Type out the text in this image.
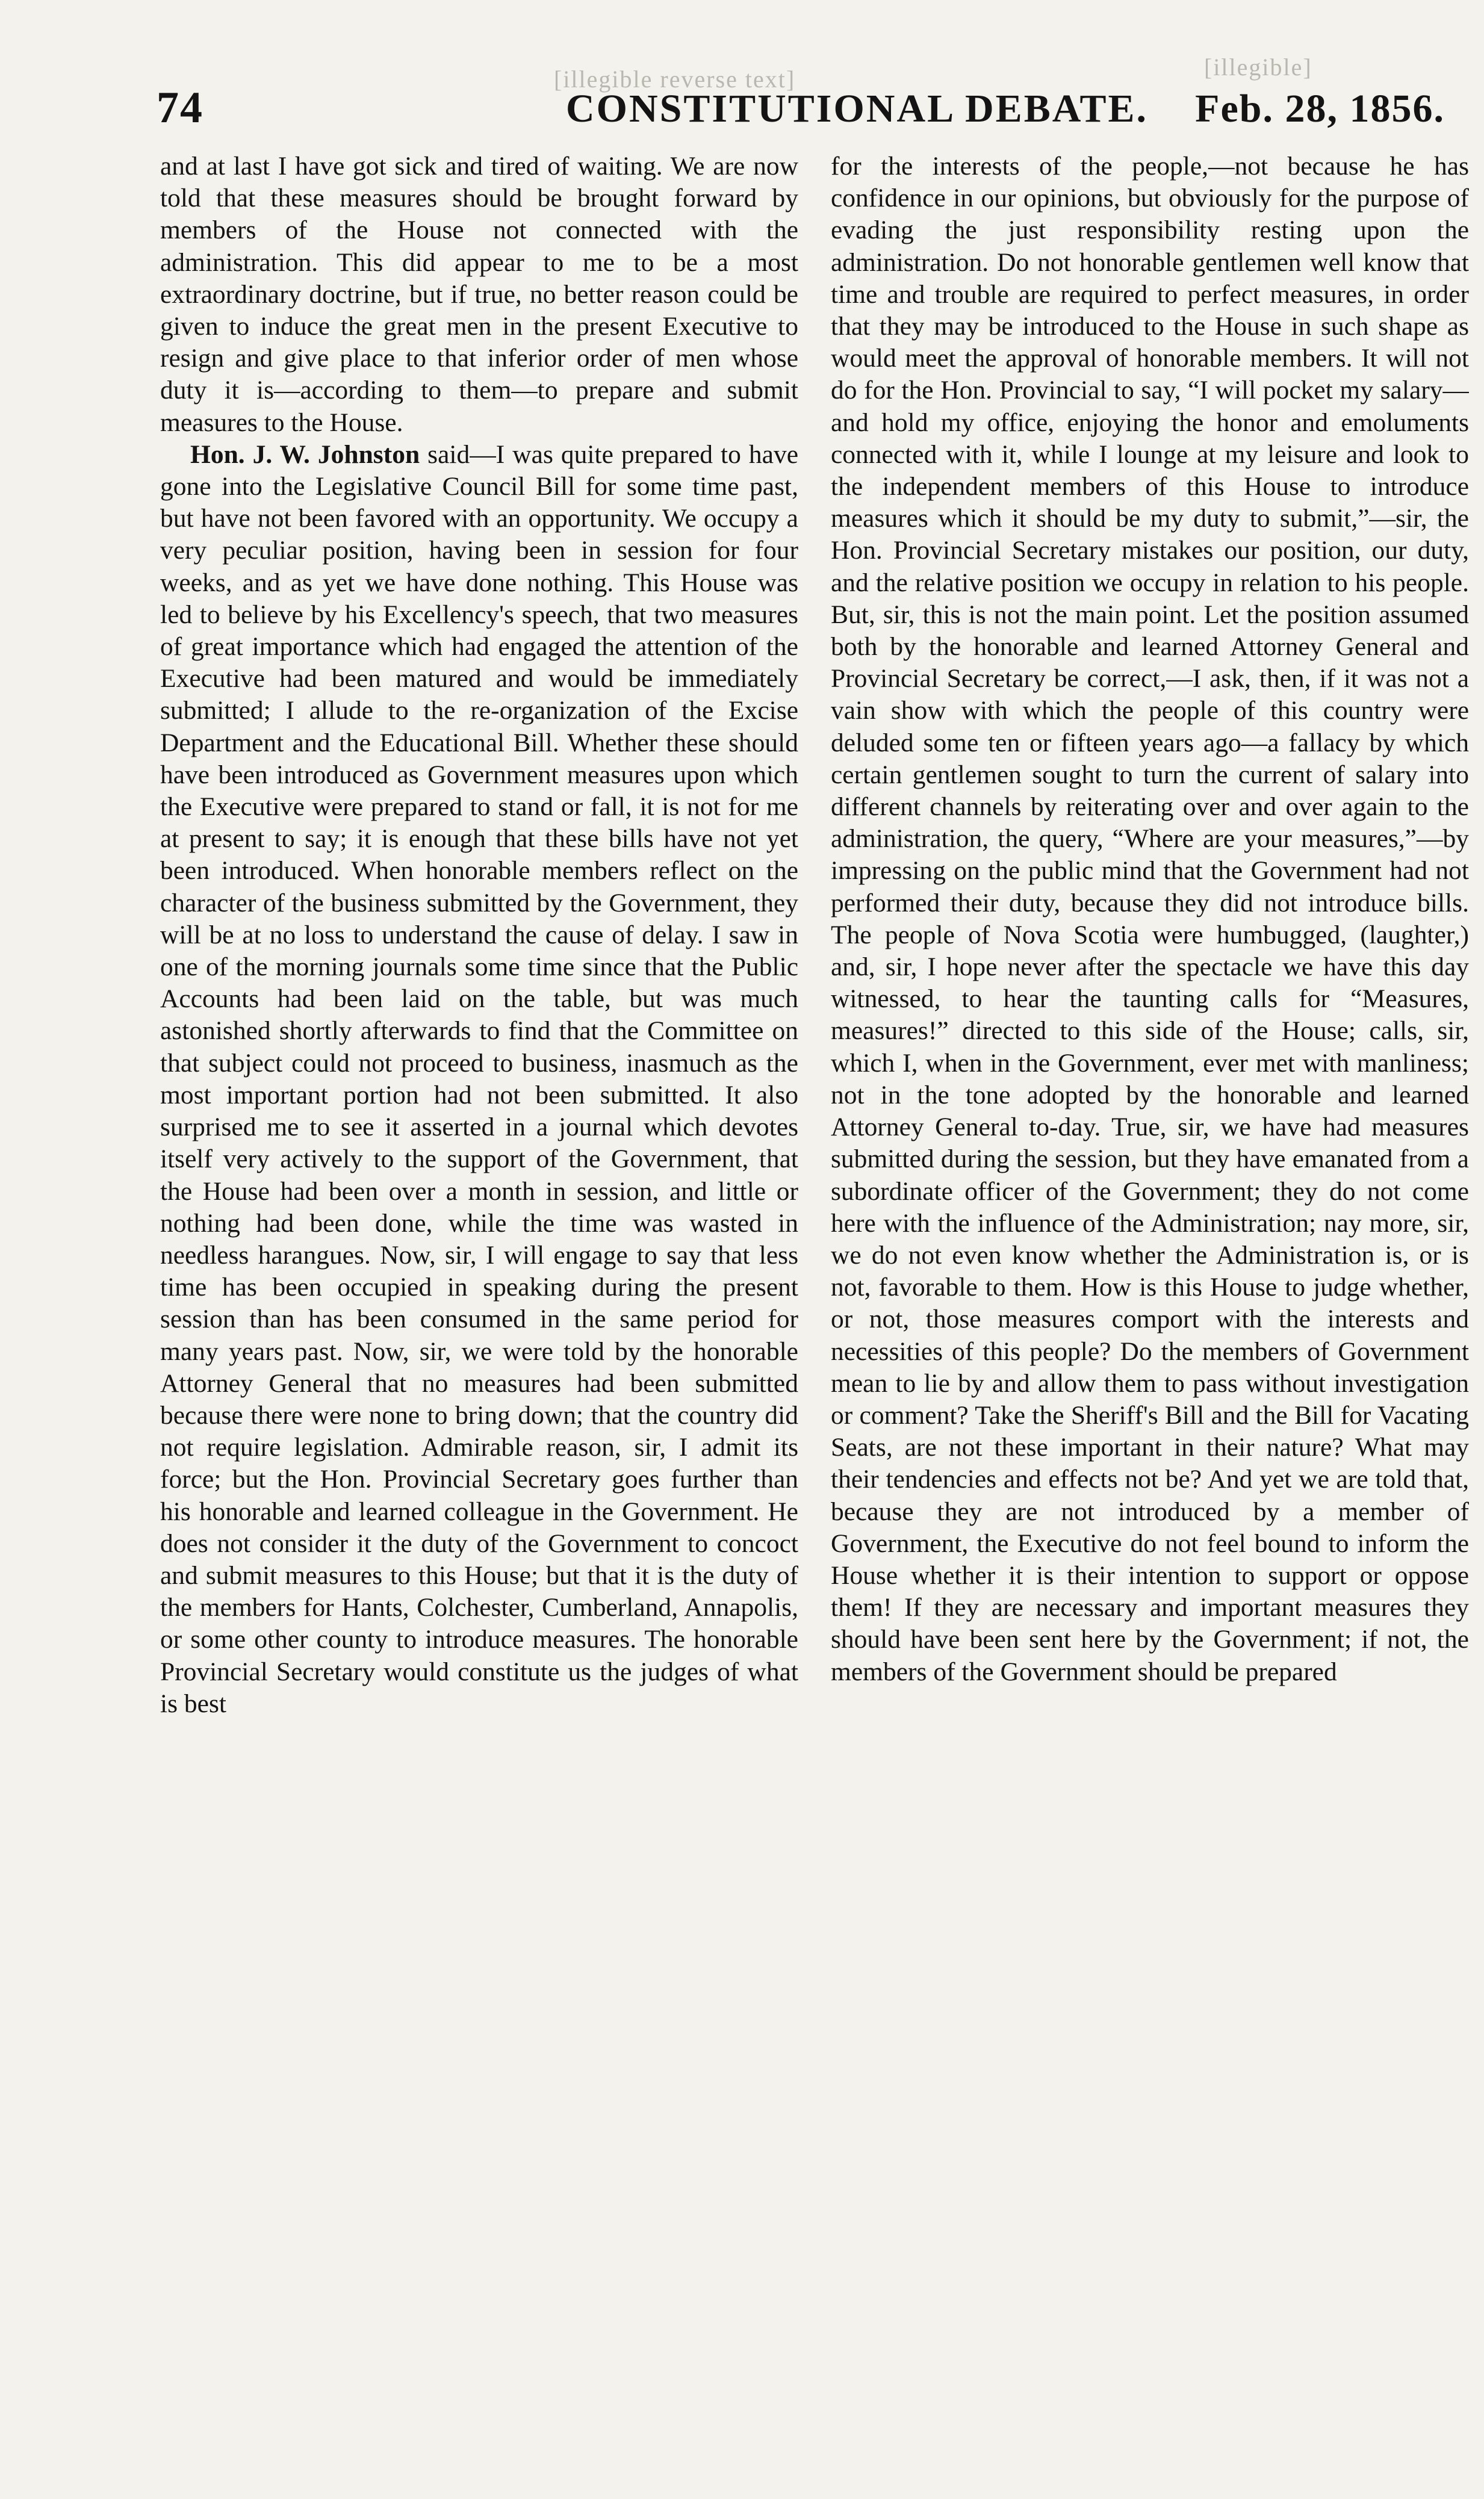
[illegible reverse text]	[illegible]
74	CONSTITUTIONAL DEBATE. Feb. 28, 1856.

and at last I have got sick and tired of waiting. We are now told that these measures should be brought forward by members of the House not connected with the administration. This did appear to me to be a most extraordinary doctrine, but if true, no better reason could be given to induce the great men in the present Executive to resign and give place to that inferior order of men whose duty it is—according to them—to prepare and submit measures to the House.

Hon. J. W. Johnston said—I was quite prepared to have gone into the Legislative Council Bill for some time past, but have not been favored with an opportunity. We occupy a very peculiar position, having been in session for four weeks, and as yet we have done nothing. This House was led to believe by his Excellency's speech, that two measures of great importance which had engaged the attention of the Executive had been matured and would be immediately submitted; I allude to the re-organization of the Excise Department and the Educational Bill. Whether these should have been introduced as Government measures upon which the Executive were prepared to stand or fall, it is not for me at present to say; it is enough that these bills have not yet been introduced. When honorable members reflect on the character of the business submitted by the Government, they will be at no loss to understand the cause of delay. I saw in one of the morning journals some time since that the Public Accounts had been laid on the table, but was much astonished shortly afterwards to find that the Committee on that subject could not proceed to business, inasmuch as the most important portion had not been submitted. It also surprised me to see it asserted in a journal which devotes itself very actively to the support of the Government, that the House had been over a month in session, and little or nothing had been done, while the time was wasted in needless harangues. Now, sir, I will engage to say that less time has been occupied in speaking during the present session than has been consumed in the same period for many years past. Now, sir, we were told by the honorable Attorney General that no measures had been submitted because there were none to bring down; that the country did not require legislation. Admirable reason, sir, I admit its force; but the Hon. Provincial Secretary goes further than his honorable and learned colleague in the Government. He does not consider it the duty of the Government to concoct and submit measures to this House; but that it is the duty of the members for Hants, Colchester, Cumberland, Annapolis, or some other county to introduce measures. The honorable Provincial Secretary would constitute us the judges of what is best

for the interests of the people,—not because he has confidence in our opinions, but obviously for the purpose of evading the just responsibility resting upon the administration. Do not honorable gentlemen well know that time and trouble are required to perfect measures, in order that they may be introduced to the House in such shape as would meet the approval of honorable members. It will not do for the Hon. Provincial to say, “I will pocket my salary—and hold my office, enjoying the honor and emoluments connected with it, while I lounge at my leisure and look to the independent members of this House to introduce measures which it should be my duty to submit,”—sir, the Hon. Provincial Secretary mistakes our position, our duty, and the relative position we occupy in relation to his people. But, sir, this is not the main point. Let the position assumed both by the honorable and learned Attorney General and Provincial Secretary be correct,—I ask, then, if it was not a vain show with which the people of this country were deluded some ten or fifteen years ago—a fallacy by which certain gentlemen sought to turn the current of salary into different channels by reiterating over and over again to the administration, the query, “Where are your measures,”—by impressing on the public mind that the Government had not performed their duty, because they did not introduce bills. The people of Nova Scotia were humbugged, (laughter,) and, sir, I hope never after the spectacle we have this day witnessed, to hear the taunting calls for “Measures, measures!” directed to this side of the House; calls, sir, which I, when in the Government, ever met with manliness; not in the tone adopted by the honorable and learned Attorney General to-day. True, sir, we have had measures submitted during the session, but they have emanated from a subordinate officer of the Government; they do not come here with the influence of the Administration; nay more, sir, we do not even know whether the Administration is, or is not, favorable to them. How is this House to judge whether, or not, those measures comport with the interests and necessities of this people? Do the members of Government mean to lie by and allow them to pass without investigation or comment? Take the Sheriff's Bill and the Bill for Vacating Seats, are not these important in their nature? What may their tendencies and effects not be? And yet we are told that, because they are not introduced by a member of Government, the Executive do not feel bound to inform the House whether it is their intention to support or oppose them! If they are necessary and important measures they should have been sent here by the Government; if not, the members of the Government should be prepared
